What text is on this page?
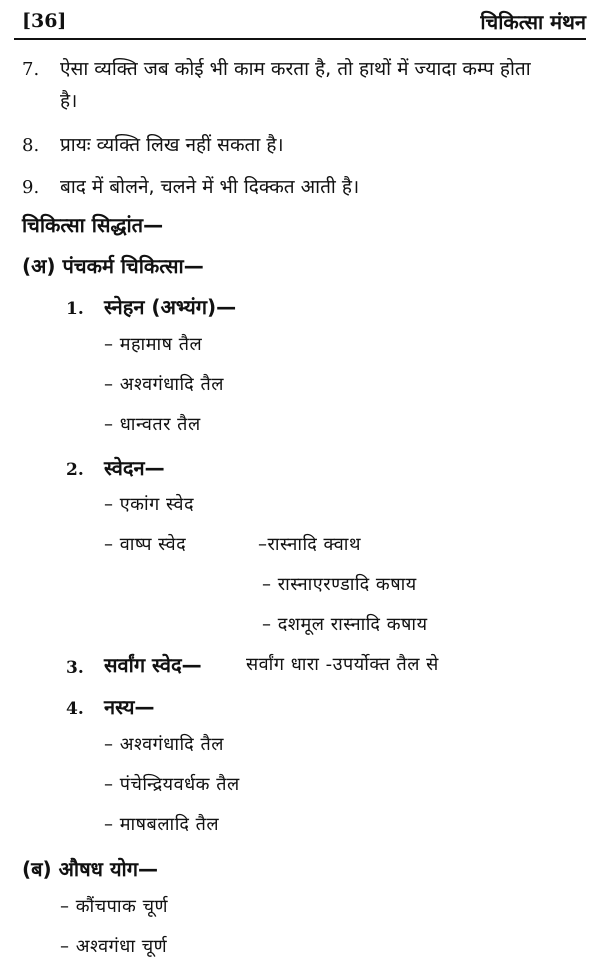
[36]	चिकित्सा मंथन
7. ऐसा व्यक्ति जब कोई भी काम करता है, तो हाथों में ज्यादा कम्प होता
है।
8. प्रायः व्यक्ति लिख नहीं सकता है।
9. बाद में बोलने, चलने में भी दिक्कत आती है।
चिकित्सा सिद्धांत—
(अ) पंचकर्म चिकित्सा—
1. स्नेहन (अभ्यंग)—
– महामाष तैल
– अश्वगंधादि तैल
– धान्वतर तैल
2. स्वेदन—
– एकांग स्वेद
– वाष्प स्वेद	–रास्नादि क्वाथ
– रास्नाएरण्डादि कषाय
– दशमूल रास्नादि कषाय
3. सर्वांग स्वेद— सर्वांग धारा -उपर्योक्त तैल से
4. नस्य—
– अश्वगंधादि तैल
– पंचेन्द्रियवर्धक तैल
– माषबलादि तैल
(ब) औषध योग—
– कौंचपाक चूर्ण
– अश्वगंधा चूर्ण
